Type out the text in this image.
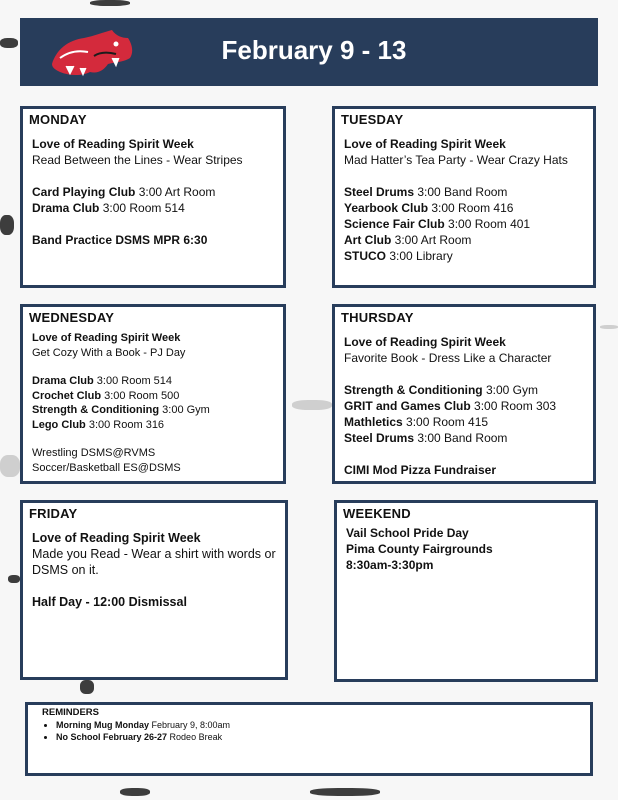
February 9 - 13
MONDAY
Love of Reading Spirit Week
Read Between the Lines - Wear Stripes
Card Playing Club 3:00 Art Room
Drama Club 3:00 Room 514
Band Practice DSMS MPR 6:30
TUESDAY
Love of Reading Spirit Week
Mad Hatter’s Tea Party - Wear Crazy Hats
Steel Drums 3:00 Band Room
Yearbook Club 3:00 Room 416
Science Fair Club 3:00 Room 401
Art Club 3:00 Art Room
STUCO 3:00 Library
WEDNESDAY
Love of Reading Spirit Week
Get Cozy With a Book - PJ Day
Drama Club 3:00 Room 514
Crochet Club 3:00 Room 500
Strength & Conditioning 3:00 Gym
Lego Club 3:00 Room 316
Wrestling DSMS@RVMS
Soccer/Basketball ES@DSMS
THURSDAY
Love of Reading Spirit Week
Favorite Book - Dress Like a Character
Strength & Conditioning 3:00 Gym
GRIT and Games Club 3:00 Room 303
Mathletics 3:00 Room 415
Steel Drums 3:00 Band Room
CIMI Mod Pizza Fundraiser
FRIDAY
Love of Reading Spirit Week
Made you Read - Wear a shirt with words or
DSMS on it.
Half Day - 12:00 Dismissal
WEEKEND
Vail School Pride Day
Pima County Fairgrounds
8:30am-3:30pm
REMINDERS
• Morning Mug Monday February 9, 8:00am
• No School February 26-27 Rodeo Break
